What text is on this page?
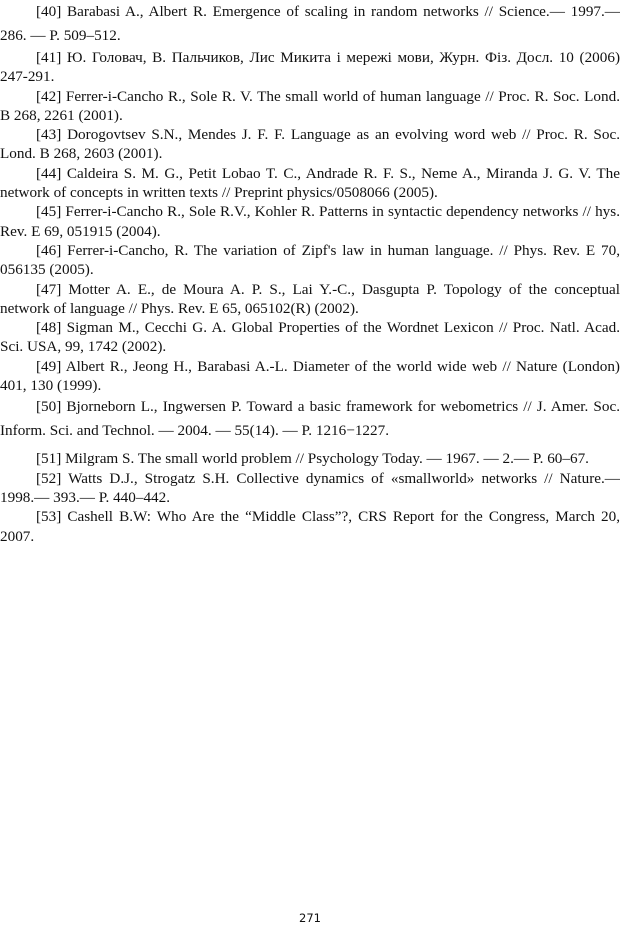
[40] Barabasi A., Albert R. Emergence of scaling in random networks // Science.— 1997.— 286. — P. 509–512.

[41] Ю. Головач, В. Пальчиков, Лис Микита і мережі мови, Журн. Фіз. Досл. 10 (2006) 247-291.

[42] Ferrer-i-Cancho R., Sole R. V. The small world of human language // Proc. R. Soc. Lond. B 268, 2261 (2001).

[43] Dorogovtsev S.N., Mendes J. F. F. Language as an evolving word web // Proc. R. Soc. Lond. B 268, 2603 (2001).

[44] Caldeira S. M. G., Petit Lobao T. C., Andrade R. F. S., Neme A., Miranda J. G. V. The network of concepts in written texts // Preprint physics/0508066 (2005).

[45] Ferrer-i-Cancho R., Sole R.V., Kohler R. Patterns in syntactic dependency networks // hys. Rev. E 69, 051915 (2004).

[46] Ferrer-i-Cancho, R. The variation of Zipf's law in human language. // Phys. Rev. E 70, 056135 (2005).

[47] Motter A. E., de Moura A. P. S., Lai Y.-C., Dasgupta P. Topology of the conceptual network of language // Phys. Rev. E 65, 065102(R) (2002).

[48] Sigman M., Cecchi G. A. Global Properties of the Wordnet Lexicon // Proc. Natl. Acad. Sci. USA, 99, 1742 (2002).

[49] Albert R., Jeong H., Barabasi A.-L. Diameter of the world wide web // Nature (London) 401, 130 (1999).

[50] Bjorneborn L., Ingwersen P. Toward a basic framework for webometrics // J. Amer. Soc. Inform. Sci. and Technol. — 2004. — 55(14). — P. 1216−1227.

[51] Milgram S. The small world problem // Psychology Today. — 1967. — 2.— P. 60–67.

[52] Watts D.J., Strogatz S.H. Collective dynamics of «smallworld» networks // Nature.— 1998.— 393.— P. 440–442.

[53] Cashell B.W: Who Are the “Middle Class”?, CRS Report for the Congress, March 20, 2007.

271
